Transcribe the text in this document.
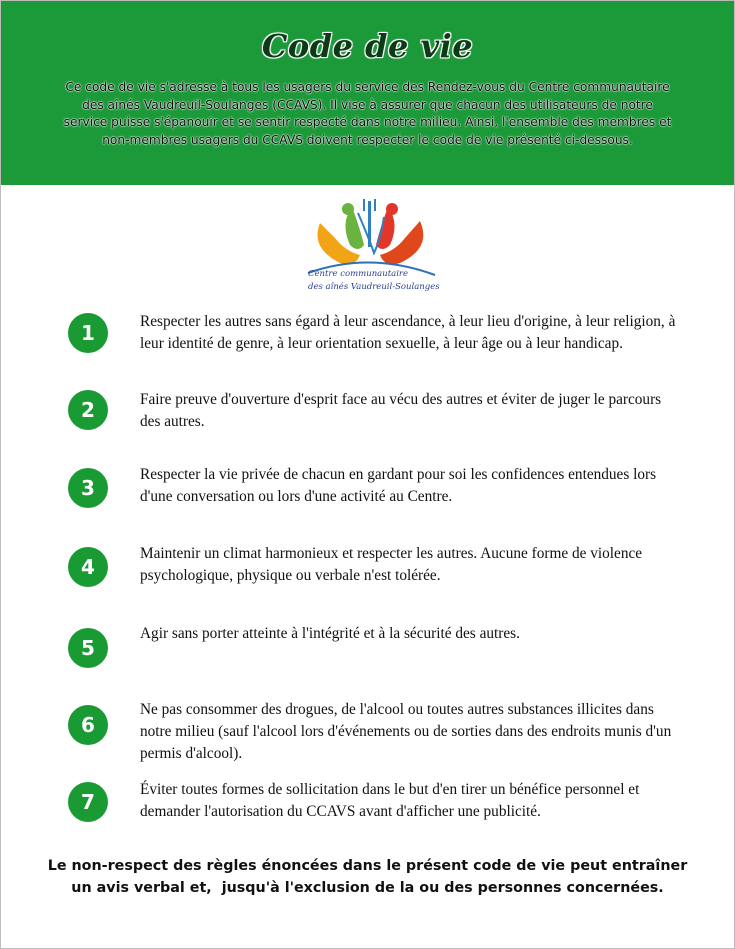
Code de vie
Ce code de vie s'adresse à tous les usagers du service des Rendez-vous du Centre communautaire des aînés Vaudreuil-Soulanges (CCAVS). Il vise à assurer que chacun des utilisateurs de notre service puisse s'épanouir et se sentir respecté dans notre milieu. Ainsi, l'ensemble des membres et non-membres usagers du CCAVS doivent respecter le code de vie présenté ci-dessous.
Centre communautaire
des aînés Vaudreuil-Soulanges
1	Respecter les autres sans égard à leur ascendance, à leur lieu d'origine, à leur religion, à leur identité de genre, à leur orientation sexuelle, à leur âge ou à leur handicap.
2	Faire preuve d'ouverture d'esprit face au vécu des autres et éviter de juger le parcours des autres.
3
Respecter la vie privée de chacun en gardant pour soi les confidences entendues lors d'une conversation ou lors d'une activité au Centre.
4
Maintenir un climat harmonieux et respecter les autres. Aucune forme de violence psychologique, physique ou verbale n'est tolérée.
5
Agir sans porter atteinte à l'intégrité et à la sécurité des autres.
6
Ne pas consommer des drogues, de l'alcool ou toutes autres substances illicites dans notre milieu (sauf l'alcool lors d'événements ou de sorties dans des endroits munis d'un permis d'alcool).
7
Éviter toutes formes de sollicitation dans le but d'en tirer un bénéfice personnel et demander l'autorisation du CCAVS avant d'afficher une publicité.
Le non-respect des règles énoncées dans le présent code de vie peut entraîner
un avis verbal et,  jusqu'à l'exclusion de la ou des personnes concernées.
